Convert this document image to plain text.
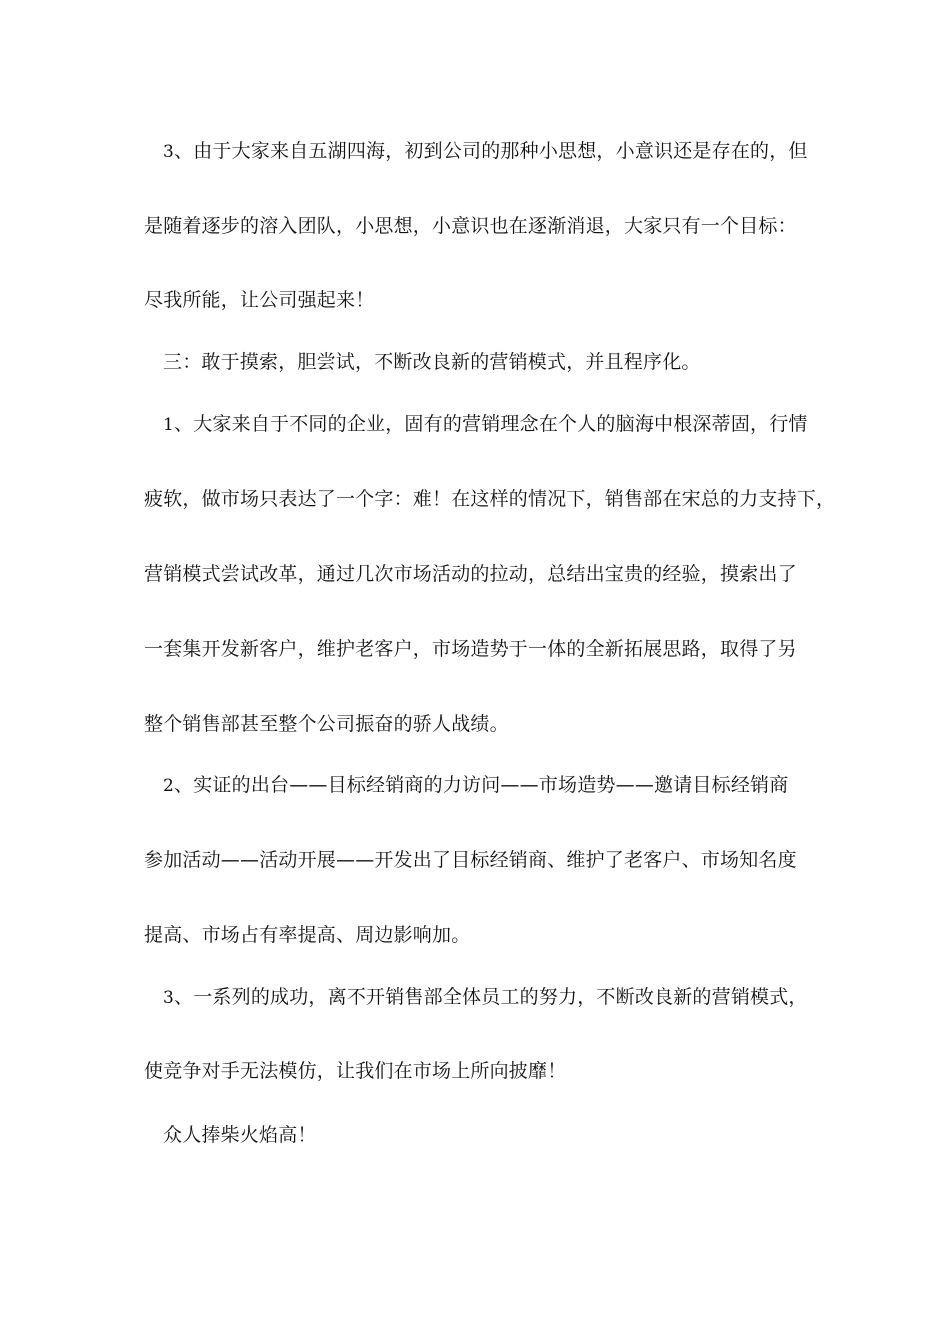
3、由于大家来自五湖四海，初到公司的那种小思想，小意识还是存在的，但
是随着逐步的溶入团队，小思想，小意识也在逐渐消退，大家只有一个目标：
尽我所能，让公司强起来！
三：敢于摸索，胆尝试，不断改良新的营销模式，并且程序化。
1、大家来自于不同的企业，固有的营销理念在个人的脑海中根深蒂固，行情
疲软，做市场只表达了一个字：难！在这样的情况下，销售部在宋总的力支持下，
营销模式尝试改革，通过几次市场活动的拉动，总结出宝贵的经验，摸索出了
一套集开发新客户，维护老客户，市场造势于一体的全新拓展思路，取得了另
整个销售部甚至整个公司振奋的骄人战绩。
2、实证的出台——目标经销商的力访问——市场造势——邀请目标经销商
参加活动——活动开展——开发出了目标经销商、维护了老客户、市场知名度
提高、市场占有率提高、周边影响加。
3、一系列的成功，离不开销售部全体员工的努力，不断改良新的营销模式，
使竞争对手无法模仿，让我们在市场上所向披靡！
众人捧柴火焰高！
